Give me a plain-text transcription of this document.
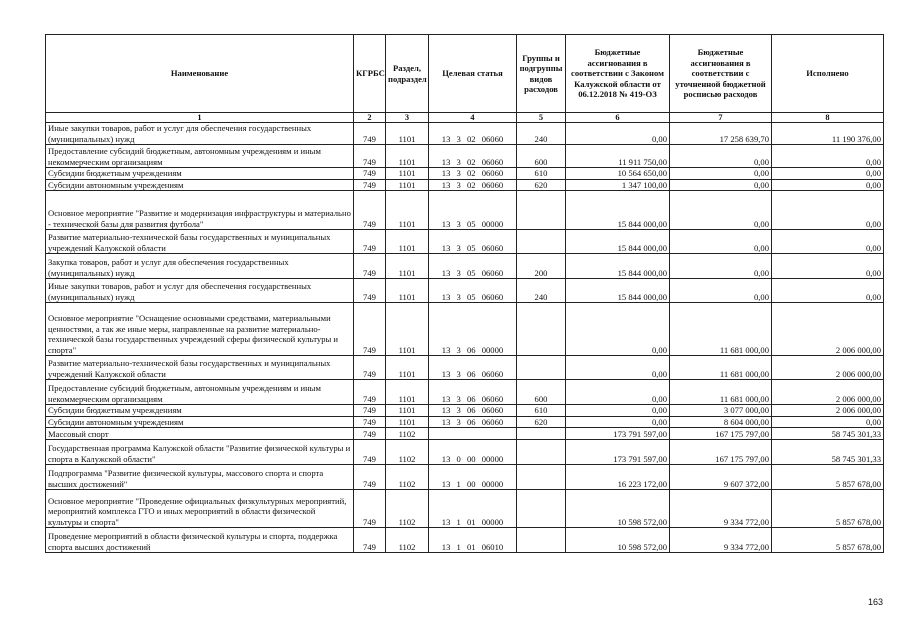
Наименование	КГРБС	Раздел, подраздел	Целевая статья	Группы и подгруппы видов расходов	Бюджетные ассигнования в соответствии с Законом Калужской области от 06.12.2018 № 419-ОЗ	Бюджетные ассигнования в соответствии с уточненной бюджетной росписью расходов	Исполнено
1	2	3	4	5	6	7	8
Иные закупки товаров, работ и услуг для обеспечения государственных (муниципальных) нужд	749	1101	13 3 02 06060	240	0,00	17 258 639,70	11 190 376,00
Предоставление субсидий бюджетным, автономным учреждениям и иным некоммерческим организациям	749	1101	13 3 02 06060	600	11 911 750,00	0,00	0,00
Субсидии бюджетным учреждениям	749	1101	13 3 02 06060	610	10 564 650,00	0,00	0,00
Субсидии автономным учреждениям	749	1101	13 3 02 06060	620	1 347 100,00	0,00	0,00
Основное мероприятие "Развитие и модернизация инфраструктуры и материально - технической базы для развития футбола"	749	1101	13 3 05 00000		15 844 000,00	0,00	0,00
Развитие материально-технической базы государственных и муниципальных учреждений Калужской области	749	1101	13 3 05 06060		15 844 000,00	0,00	0,00
Закупка товаров, работ и услуг для обеспечения государственных (муниципальных) нужд	749	1101	13 3 05 06060	200	15 844 000,00	0,00	0,00
Иные закупки товаров, работ и услуг для обеспечения государственных (муниципальных) нужд	749	1101	13 3 05 06060	240	15 844 000,00	0,00	0,00
Основное мероприятие "Оснащение основными средствами, материальными ценностями, а так же иные меры, направленные на развитие материально-технической базы государственных учреждений сферы физической культуры и спорта"	749	1101	13 3 06 00000		0,00	11 681 000,00	2 006 000,00
Развитие материально-технической базы государственных и муниципальных учреждений Калужской области	749	1101	13 3 06 06060		0,00	11 681 000,00	2 006 000,00
Предоставление субсидий бюджетным, автономным учреждениям и иным некоммерческим организациям	749	1101	13 3 06 06060	600	0,00	11 681 000,00	2 006 000,00
Субсидии бюджетным учреждениям	749	1101	13 3 06 06060	610	0,00	3 077 000,00	2 006 000,00
Субсидии автономным учреждениям	749	1101	13 3 06 06060	620	0,00	8 604 000,00	0,00
Массовый спорт	749	1102			173 791 597,00	167 175 797,00	58 745 301,33
Государственная программа Калужской области "Развитие физической культуры и спорта в Калужской области"	749	1102	13 0 00 00000		173 791 597,00	167 175 797,00	58 745 301,33
Подпрограмма "Развитие физической культуры, массового спорта и спорта высших достижений"	749	1102	13 1 00 00000		16 223 172,00	9 607 372,00	5 857 678,00
Основное мероприятие "Проведение официальных физкультурных мероприятий, мероприятий комплекса ГТО и иных мероприятий в области физической культуры и спорта"	749	1102	13 1 01 00000		10 598 572,00	9 334 772,00	5 857 678,00
Проведение мероприятий в области физической культуры и спорта, поддержка спорта высших достижений	749	1102	13 1 01 06010		10 598 572,00	9 334 772,00	5 857 678,00
163
